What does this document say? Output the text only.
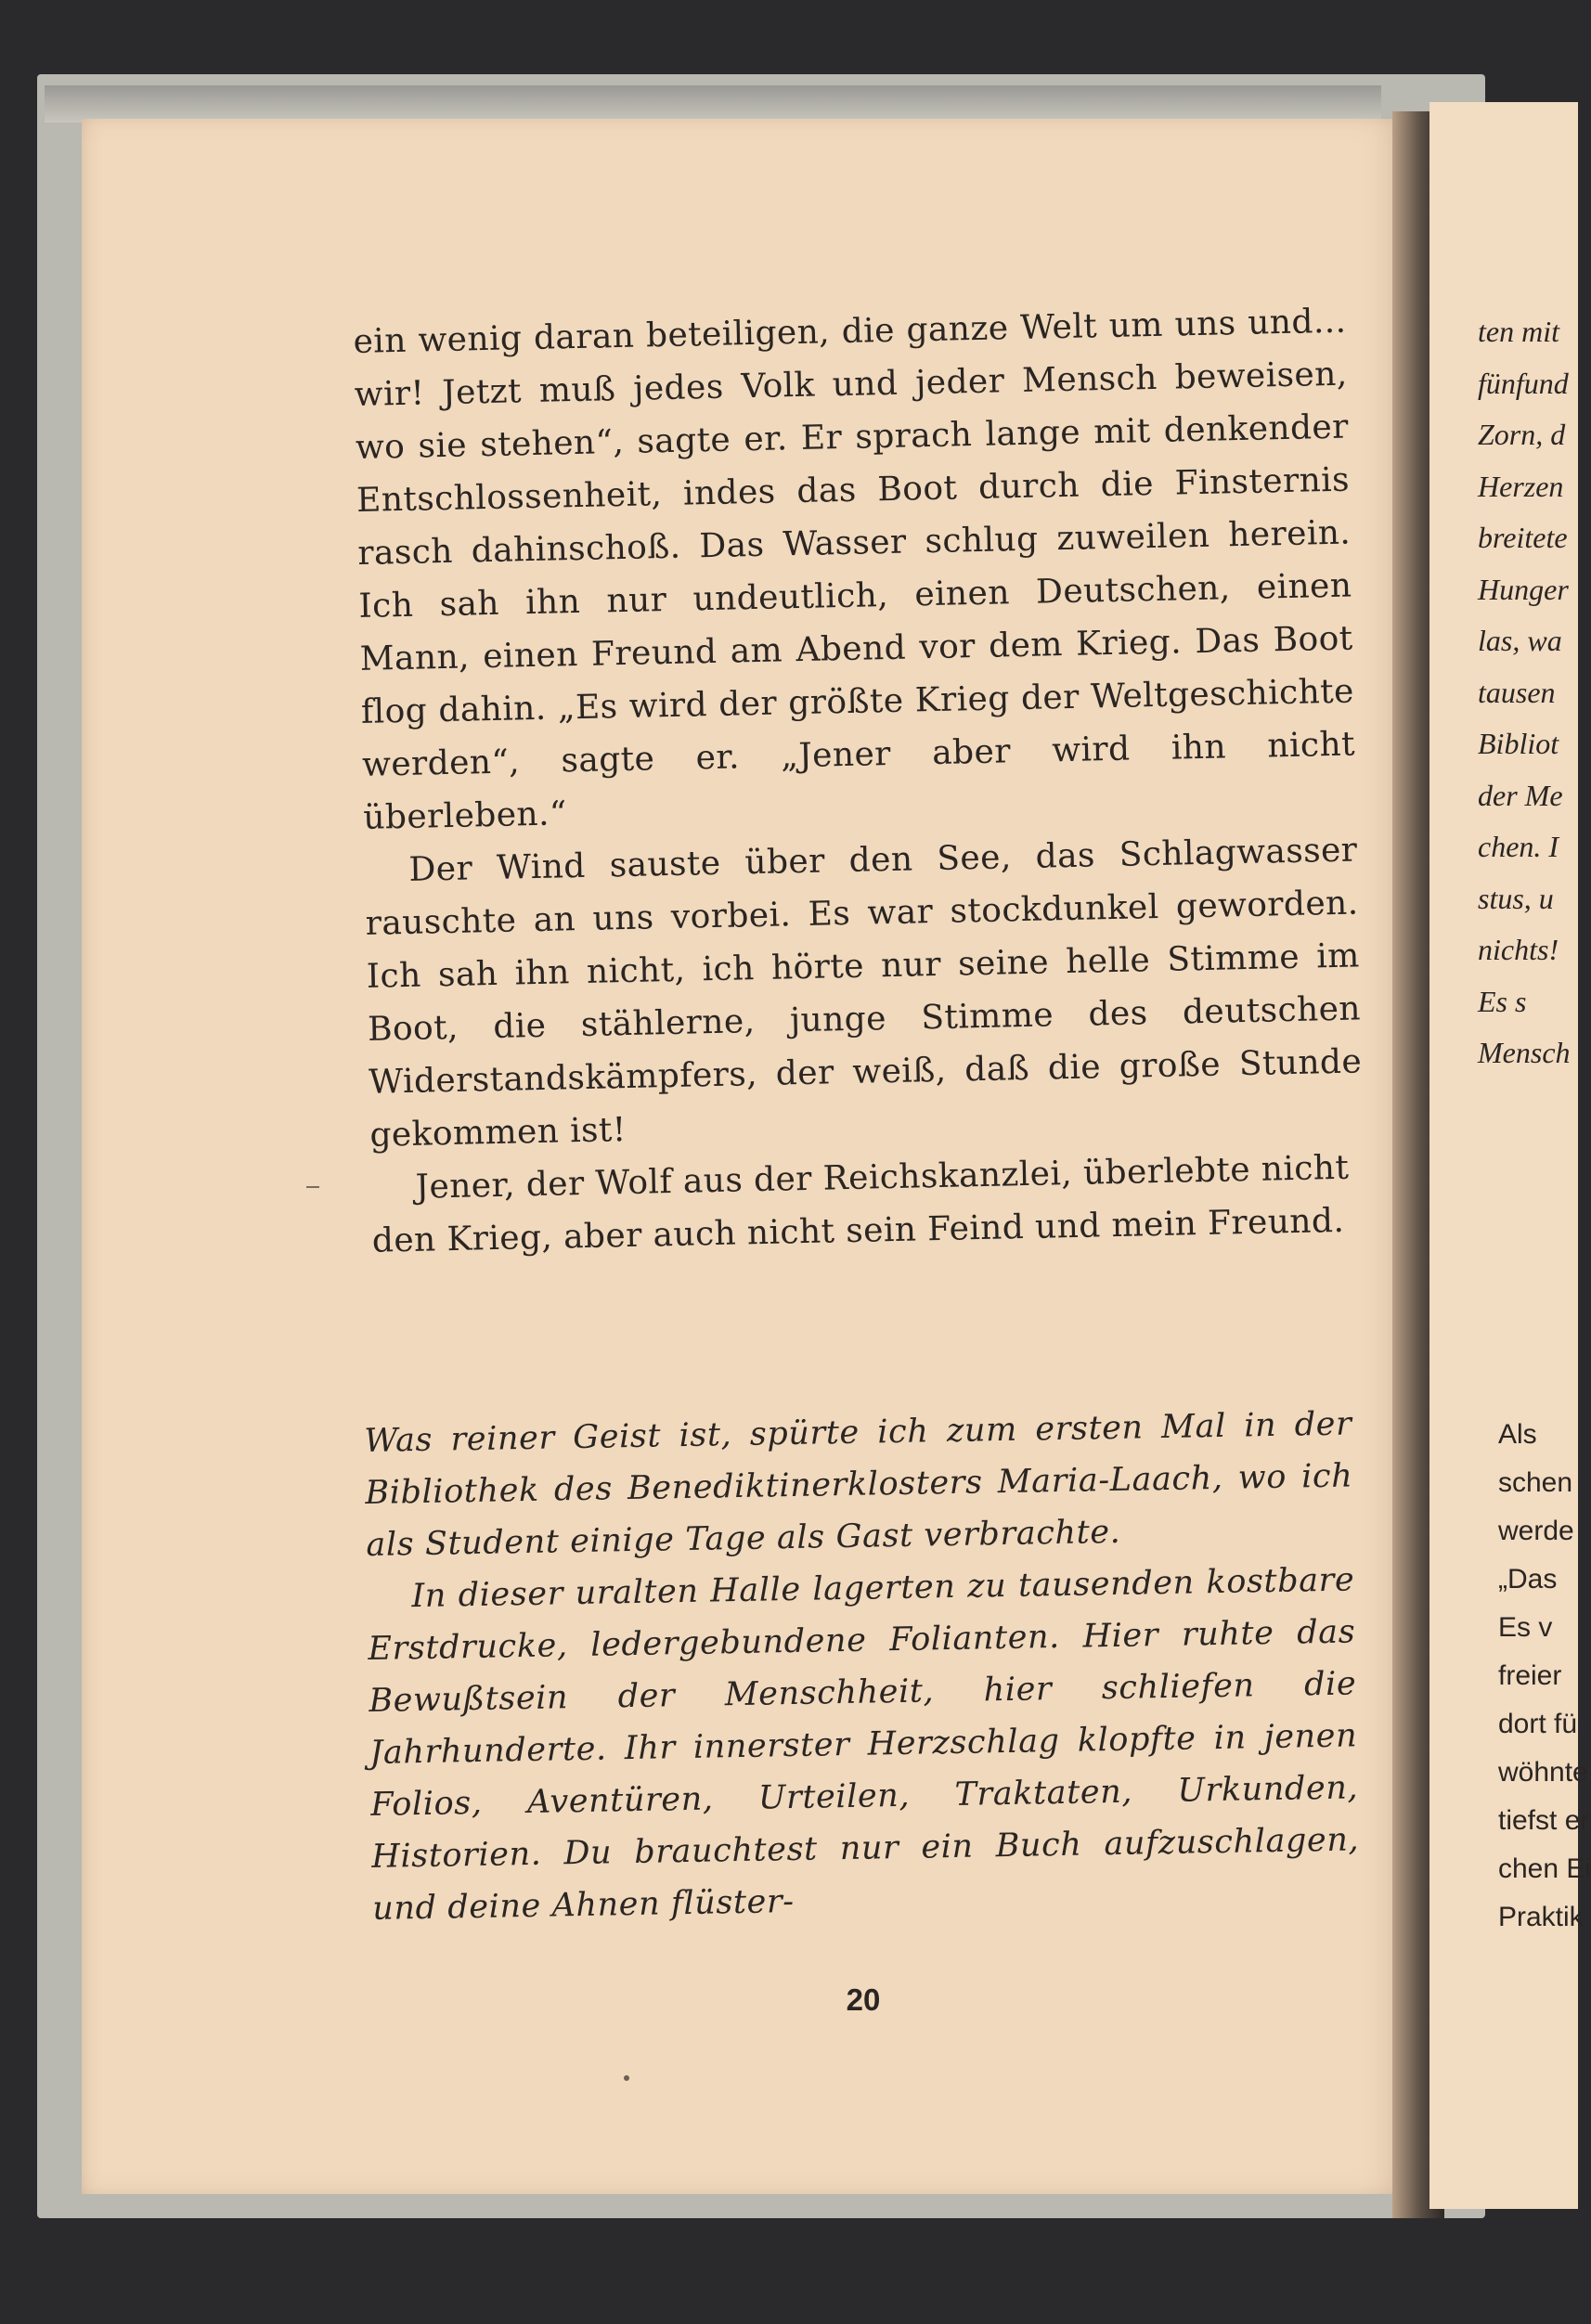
ten mit
fünfund
Zorn, d
Herzen
breitete
Hunger
las, wa
tausen
Bibliot
der Me
chen. I
stus, u
nichts!
Es s
Mensch
Als
schen
werde
„Das
Es v
freier
dort fü
wöhnte
tiefst er
chen Ei
Praktik

ein wenig daran beteiligen, die ganze Welt um uns und... wir! Jetzt muß jedes Volk und jeder Mensch beweisen, wo sie stehen“, sagte er. Er sprach lange mit denkender Entschlossenheit, indes das Boot durch die Finsternis rasch dahinschoß. Das Wasser schlug zuweilen herein. Ich sah ihn nur undeutlich, einen Deutschen, einen Mann, einen Freund am Abend vor dem Krieg. Das Boot flog dahin. „Es wird der größte Krieg der Weltgeschichte werden“, sagte er. „Jener aber wird ihn nicht überleben.“

Der Wind sauste über den See, das Schlagwasser rauschte an uns vorbei. Es war stockdunkel geworden. Ich sah ihn nicht, ich hörte nur seine helle Stimme im Boot, die stählerne, junge Stimme des deutschen Widerstandskämpfers, der weiß, daß die große Stunde gekommen ist!

Jener, der Wolf aus der Reichskanzlei, überlebte nicht den Krieg, aber auch nicht sein Feind und mein Freund.

Was reiner Geist ist, spürte ich zum ersten Mal in der Bibliothek des Benediktinerklosters Maria-Laach, wo ich als Student einige Tage als Gast verbrachte.

In dieser uralten Halle lagerten zu tausenden kostbare Erstdrucke, ledergebundene Folianten. Hier ruhte das Bewußtsein der Menschheit, hier schliefen die Jahrhunderte. Ihr innerster Herzschlag klopfte in jenen Folios, Aventüren, Urteilen, Traktaten, Urkunden, Historien. Du brauchtest nur ein Buch aufzuschlagen, und deine Ahnen flüster-

20
